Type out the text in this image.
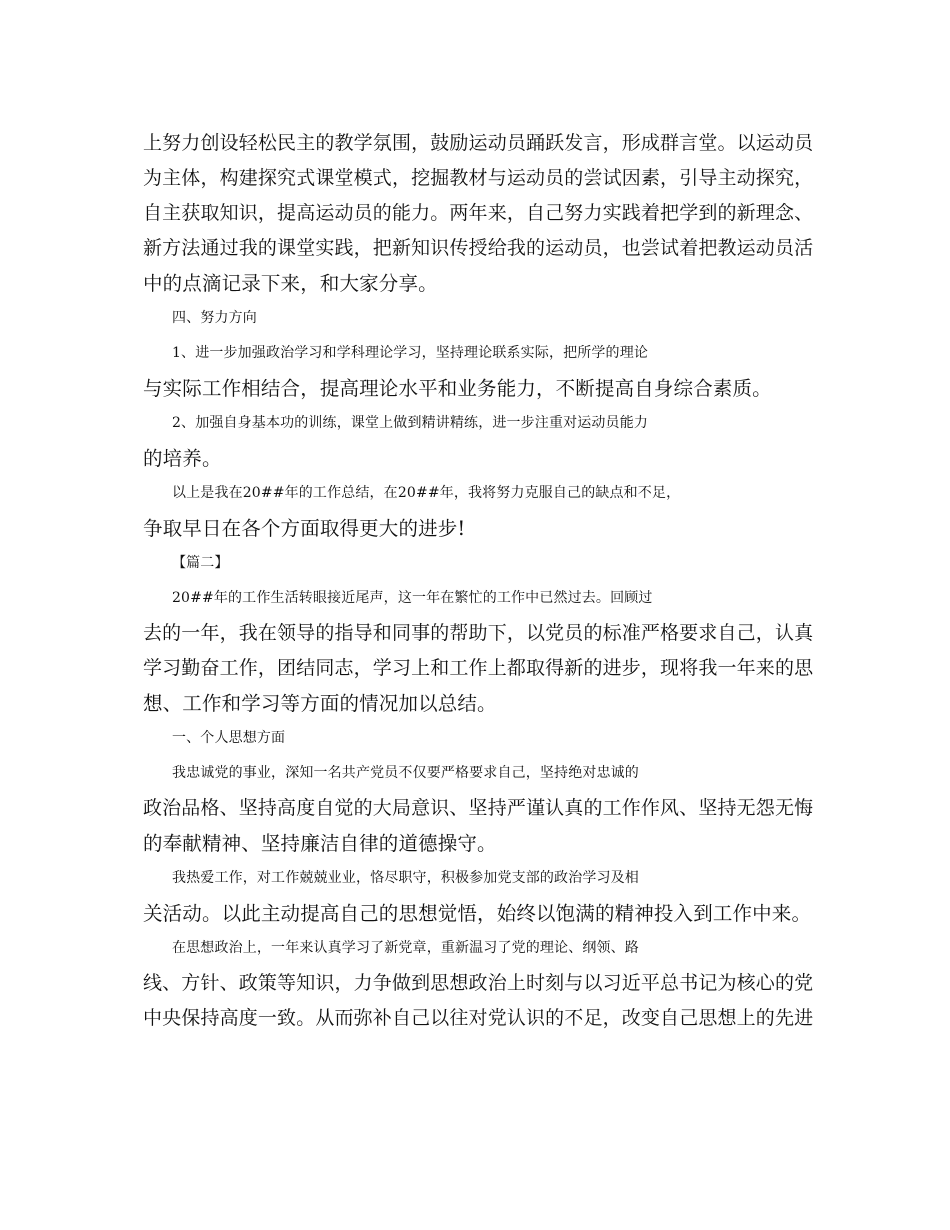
上努力创设轻松民主的教学氛围，鼓励运动员踊跃发言，形成群言堂。以运动员
为主体，构建探究式课堂模式，挖掘教材与运动员的尝试因素，引导主动探究，
自主获取知识，提高运动员的能力。两年来，自己努力实践着把学到的新理念、
新方法通过我的课堂实践，把新知识传授给我的运动员，也尝试着把教运动员活
中的点滴记录下来，和大家分享。
四、努力方向
1、进一步加强政治学习和学科理论学习，坚持理论联系实际，把所学的理论
与实际工作相结合，提高理论水平和业务能力，不断提高自身综合素质。
2、加强自身基本功的训练，课堂上做到精讲精练，进一步注重对运动员能力
的培养。
以上是我在20##年的工作总结，在20##年，我将努力克服自己的缺点和不足，
争取早日在各个方面取得更大的进步!
【篇二】
20##年的工作生活转眼接近尾声，这一年在繁忙的工作中已然过去。回顾过
去的一年，我在领导的指导和同事的帮助下，以党员的标准严格要求自己，认真
学习勤奋工作，团结同志，学习上和工作上都取得新的进步，现将我一年来的思
想、工作和学习等方面的情况加以总结。
一、个人思想方面
我忠诚党的事业，深知一名共产党员不仅要严格要求自己，坚持绝对忠诚的
政治品格、坚持高度自觉的大局意识、坚持严谨认真的工作作风、坚持无怨无悔
的奉献精神、坚持廉洁自律的道德操守。
我热爱工作，对工作兢兢业业，恪尽职守，积极参加党支部的政治学习及相
关活动。以此主动提高自己的思想觉悟，始终以饱满的精神投入到工作中来。
在思想政治上，一年来认真学习了新党章，重新温习了党的理论、纲领、路
线、方针、政策等知识，力争做到思想政治上时刻与以习近平总书记为核心的党
中央保持高度一致。从而弥补自己以往对党认识的不足，改变自己思想上的先进
